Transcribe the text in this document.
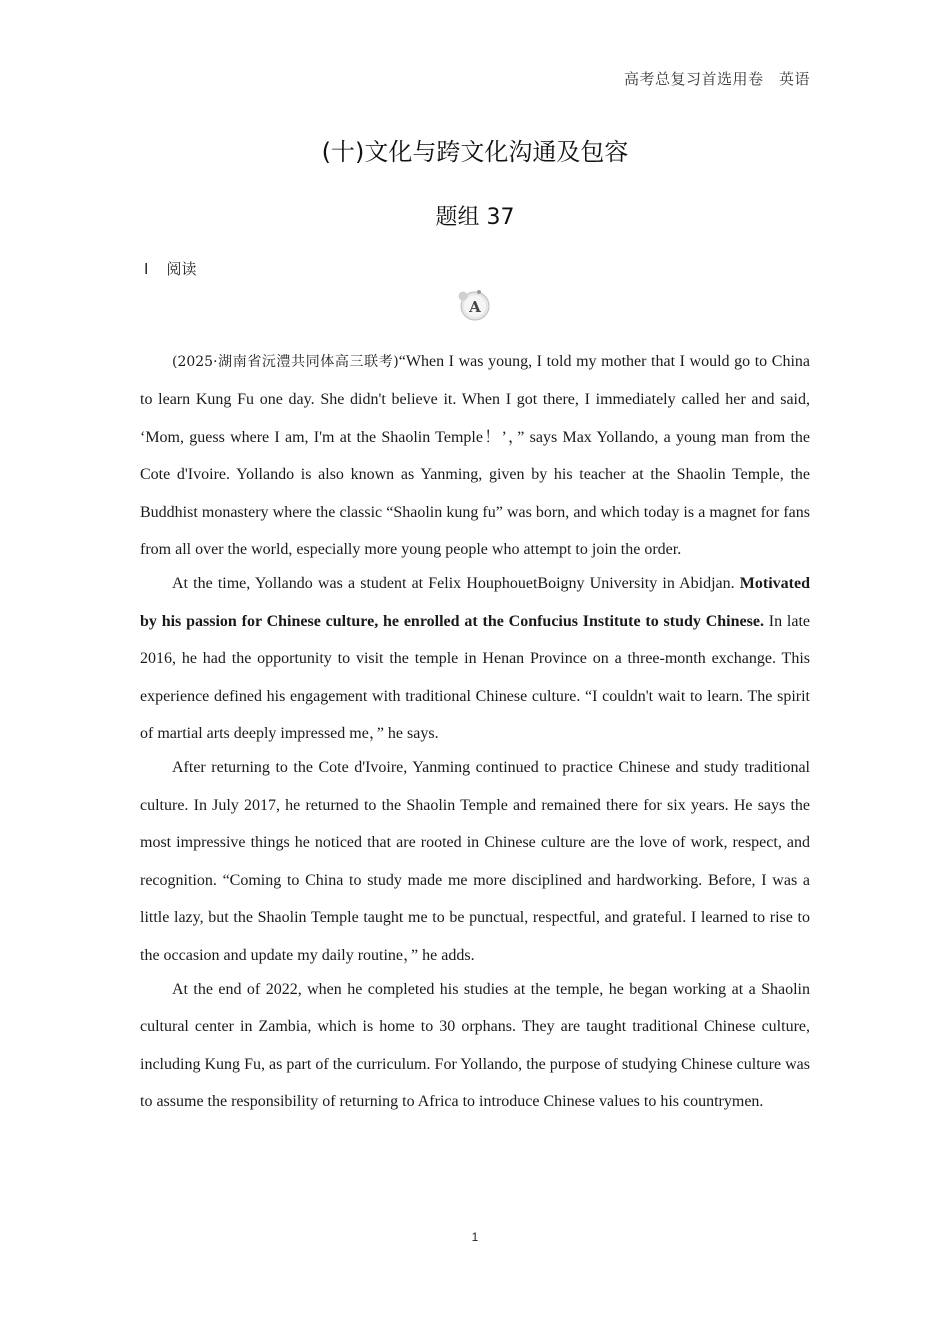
高考总复习首选用卷　英语
(十)文化与跨文化沟通及包容
题组 37
Ⅰ 阅读
A

(2025·湖南省沅澧共同体高三联考)“When I was young, I told my mother that I would go to China to learn Kung Fu one day. She didn't believe it. When I got there, I immediately called her and said, ‘Mom, guess where I am, I'm at the Shaolin Temple！’，” says Max Yollando, a young man from the Cote d'Ivoire. Yollando is also known as Yanming, given by his teacher at the Shaolin Temple, the Buddhist monastery where the classic “Shaolin kung fu” was born, and which today is a magnet for fans from all over the world, especially more young people who attempt to join the order.

At the time, Yollando was a student at Felix HouphouetBoigny University in Abidjan. Motivated by his passion for Chinese culture, he enrolled at the Confucius Institute to study Chinese. In late 2016, he had the opportunity to visit the temple in Henan Province on a three-month exchange. This experience defined his engagement with traditional Chinese culture. “I couldn't wait to learn. The spirit of martial arts deeply impressed me，” he says.

After returning to the Cote d'Ivoire, Yanming continued to practice Chinese and study traditional culture. In July 2017, he returned to the Shaolin Temple and remained there for six years. He says the most impressive things he noticed that are rooted in Chinese culture are the love of work, respect, and recognition. “Coming to China to study made me more disciplined and hardworking. Before, I was a little lazy, but the Shaolin Temple taught me to be punctual, respectful, and grateful. I learned to rise to the occasion and update my daily routine，” he adds.

At the end of 2022, when he completed his studies at the temple, he began working at a Shaolin cultural center in Zambia, which is home to 30 orphans. They are taught traditional Chinese culture, including Kung Fu, as part of the curriculum. For Yollando, the purpose of studying Chinese culture was to assume the responsibility of returning to Africa to introduce Chinese values to his countrymen.

1
